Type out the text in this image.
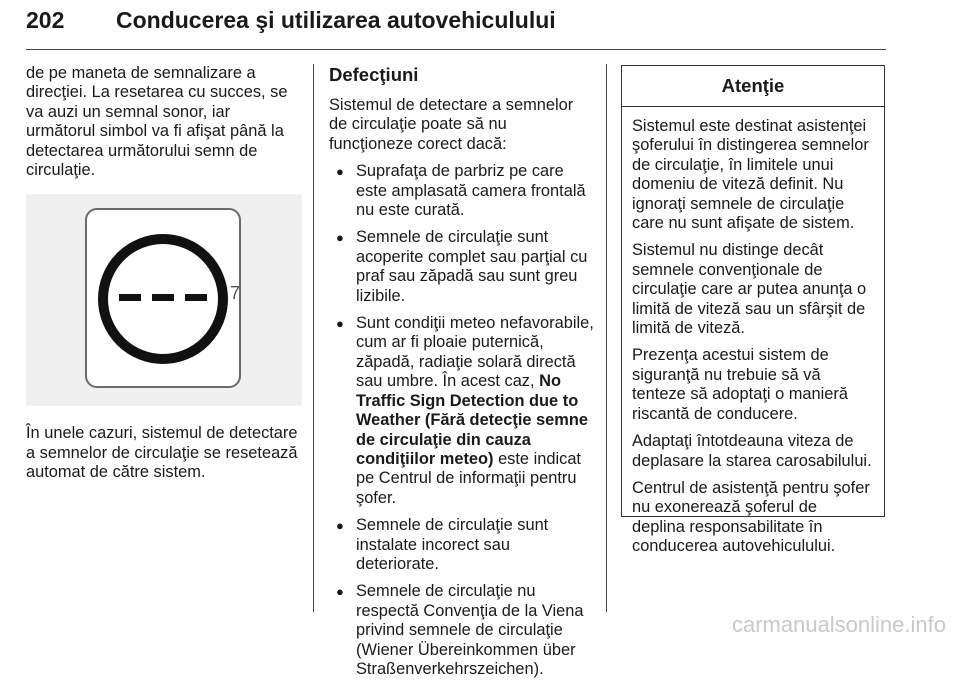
202 Conducerea şi utilizarea autovehiculului

de pe maneta de semnalizare a direcţiei. La resetarea cu succes, se va auzi un semnal sonor, iar următorul simbol va fi afişat până la detectarea următorului semn de circulaţie.

7

În unele cazuri, sistemul de detectare a semnelor de circulaţie se resetează automat de către sistem.

Defecţiuni

Sistemul de detectare a semnelor de circulaţie poate să nu funcţioneze corect dacă:

● Suprafaţa de parbriz pe care este amplasată camera frontală nu este curată.
● Semnele de circulaţie sunt acoperite complet sau parţial cu praf sau zăpadă sau sunt greu lizibile.
● Sunt condiţii meteo nefavorabile, cum ar fi ploaie puternică, zăpadă, radiaţie solară directă sau umbre. În acest caz, No Traffic Sign Detection due to Weather (Fără detecţie semne de circulaţie din cauza condiţiilor meteo) este indicat pe Centrul de informaţii pentru şofer.
● Semnele de circulaţie sunt instalate incorect sau deteriorate.
● Semnele de circulaţie nu respectă Convenţia de la Viena privind semnele de circulaţie (Wiener Übereinkommen über Straßenverkehrszeichen).
Atenţie

Sistemul este destinat asistenţei şoferului în distingerea semnelor de circulaţie, în limitele unui domeniu de viteză definit. Nu ignoraţi semnele de circulaţie care nu sunt afişate de sistem.

Sistemul nu distinge decât semnele convenţionale de circulaţie care ar putea anunţa o limită de viteză sau un sfârşit de limită de viteză.

Prezenţa acestui sistem de siguranţă nu trebuie să vă tenteze să adoptaţi o manieră riscantă de conducere.

Adaptaţi întotdeauna viteza de deplasare la starea carosabilului.

Centrul de asistenţă pentru şofer nu exonerează şoferul de deplina responsabilitate în conducerea autovehiculului.

carmanualsonline.info
